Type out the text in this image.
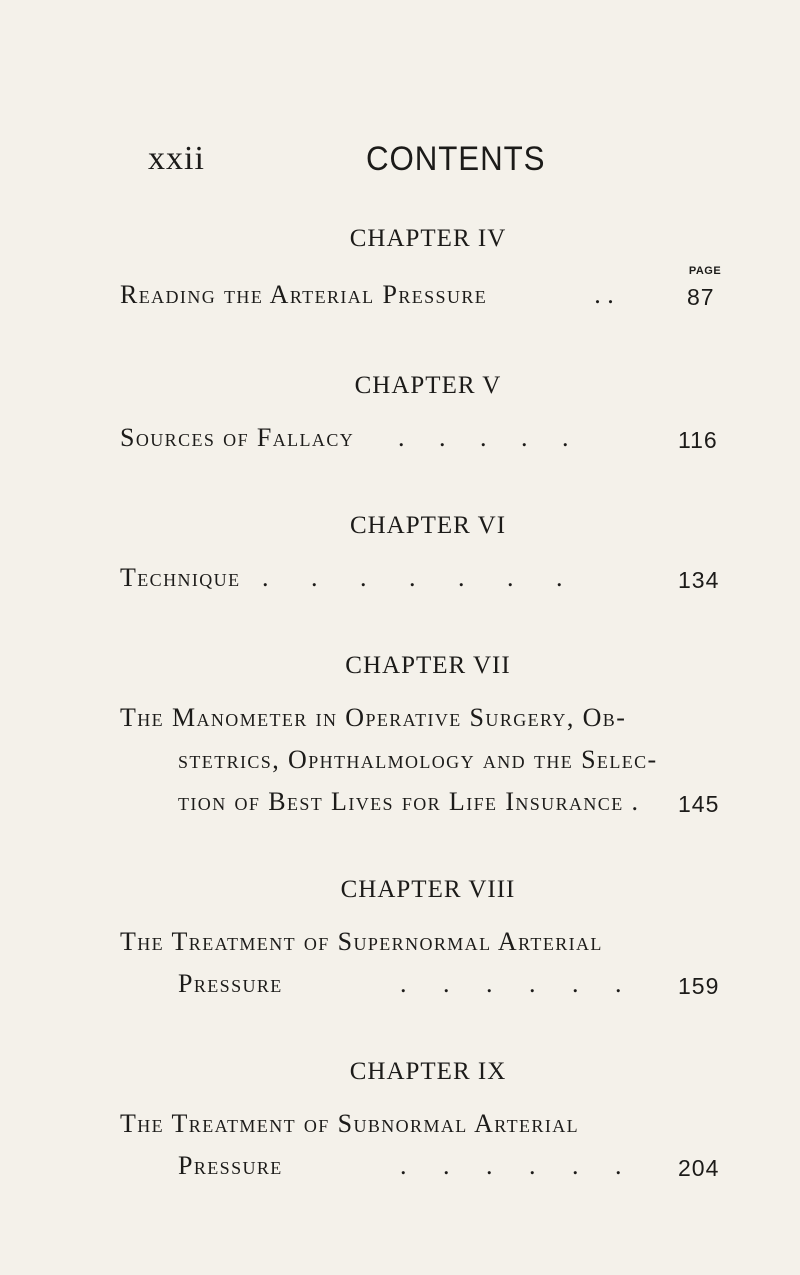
xxii	CONTENTS
CHAPTER IV
PAGE
Reading the Arterial Pressure	. .	87
CHAPTER V
Sources of Fallacy . . . . .	116
CHAPTER VI
Technique . . . . . . .	134
CHAPTER VII
The Manometer in Operative Surgery, Ob-
stetrics, Ophthalmology and the Selec-
tion of Best Lives for Life Insurance . 145
CHAPTER VIII
The Treatment of Supernormal Arterial
Pressure	. . . . . . 159
CHAPTER IX
The Treatment of Subnormal Arterial
Pressure	. . . . . . 204
